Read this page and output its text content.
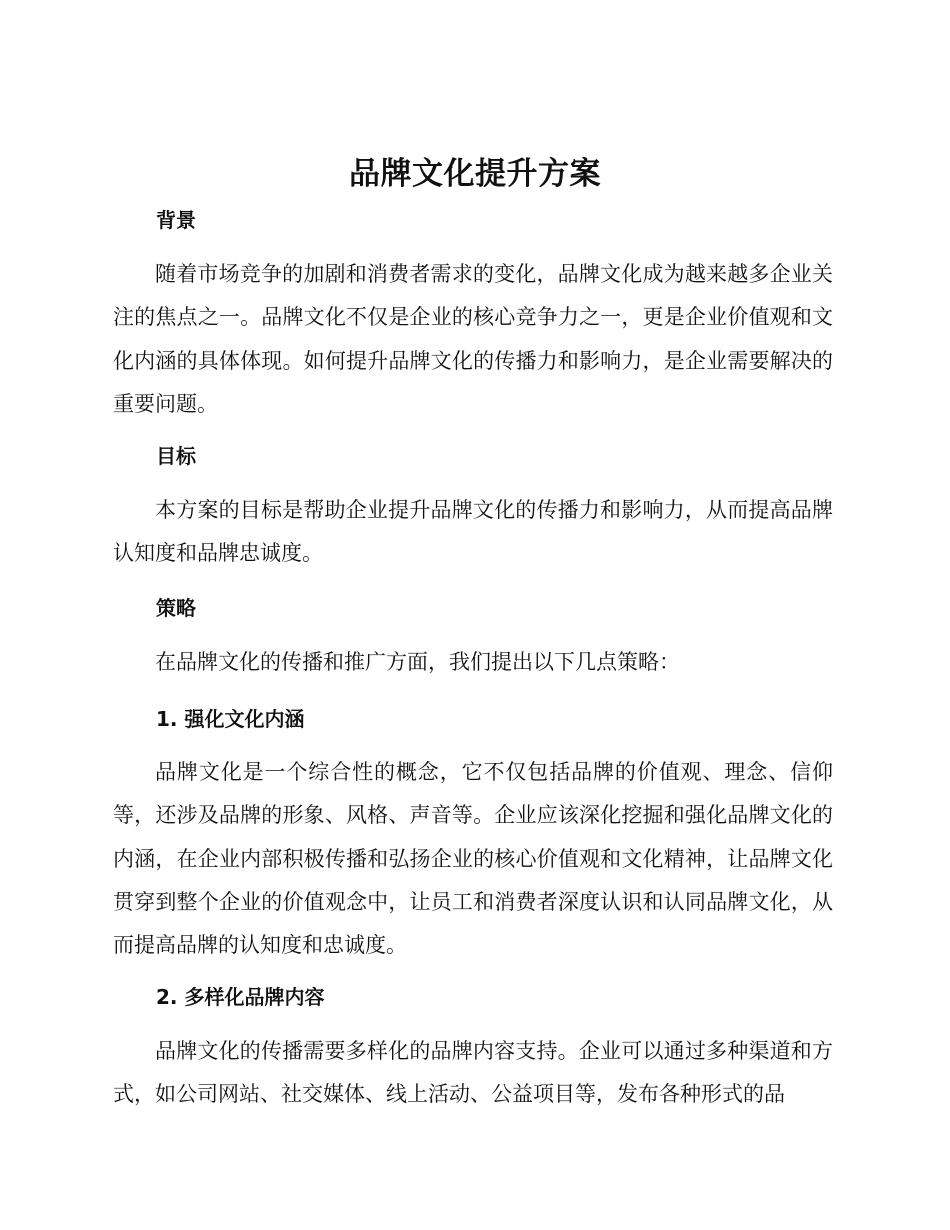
品牌文化提升方案
背景

随着市场竞争的加剧和消费者需求的变化，品牌文化成为越来越多企业关注的焦点之一。品牌文化不仅是企业的核心竞争力之一，更是企业价值观和文化内涵的具体体现。如何提升品牌文化的传播力和影响力，是企业需要解决的重要问题。

目标

本方案的目标是帮助企业提升品牌文化的传播力和影响力，从而提高品牌认知度和品牌忠诚度。

策略

在品牌文化的传播和推广方面，我们提出以下几点策略：

1. 强化文化内涵

品牌文化是一个综合性的概念，它不仅包括品牌的价值观、理念、信仰等，还涉及品牌的形象、风格、声音等。企业应该深化挖掘和强化品牌文化的内涵，在企业内部积极传播和弘扬企业的核心价值观和文化精神，让品牌文化贯穿到整个企业的价值观念中，让员工和消费者深度认识和认同品牌文化，从而提高品牌的认知度和忠诚度。

2. 多样化品牌内容

品牌文化的传播需要多样化的品牌内容支持。企业可以通过多种渠道和方式，如公司网站、社交媒体、线上活动、公益项目等，发布各种形式的品
